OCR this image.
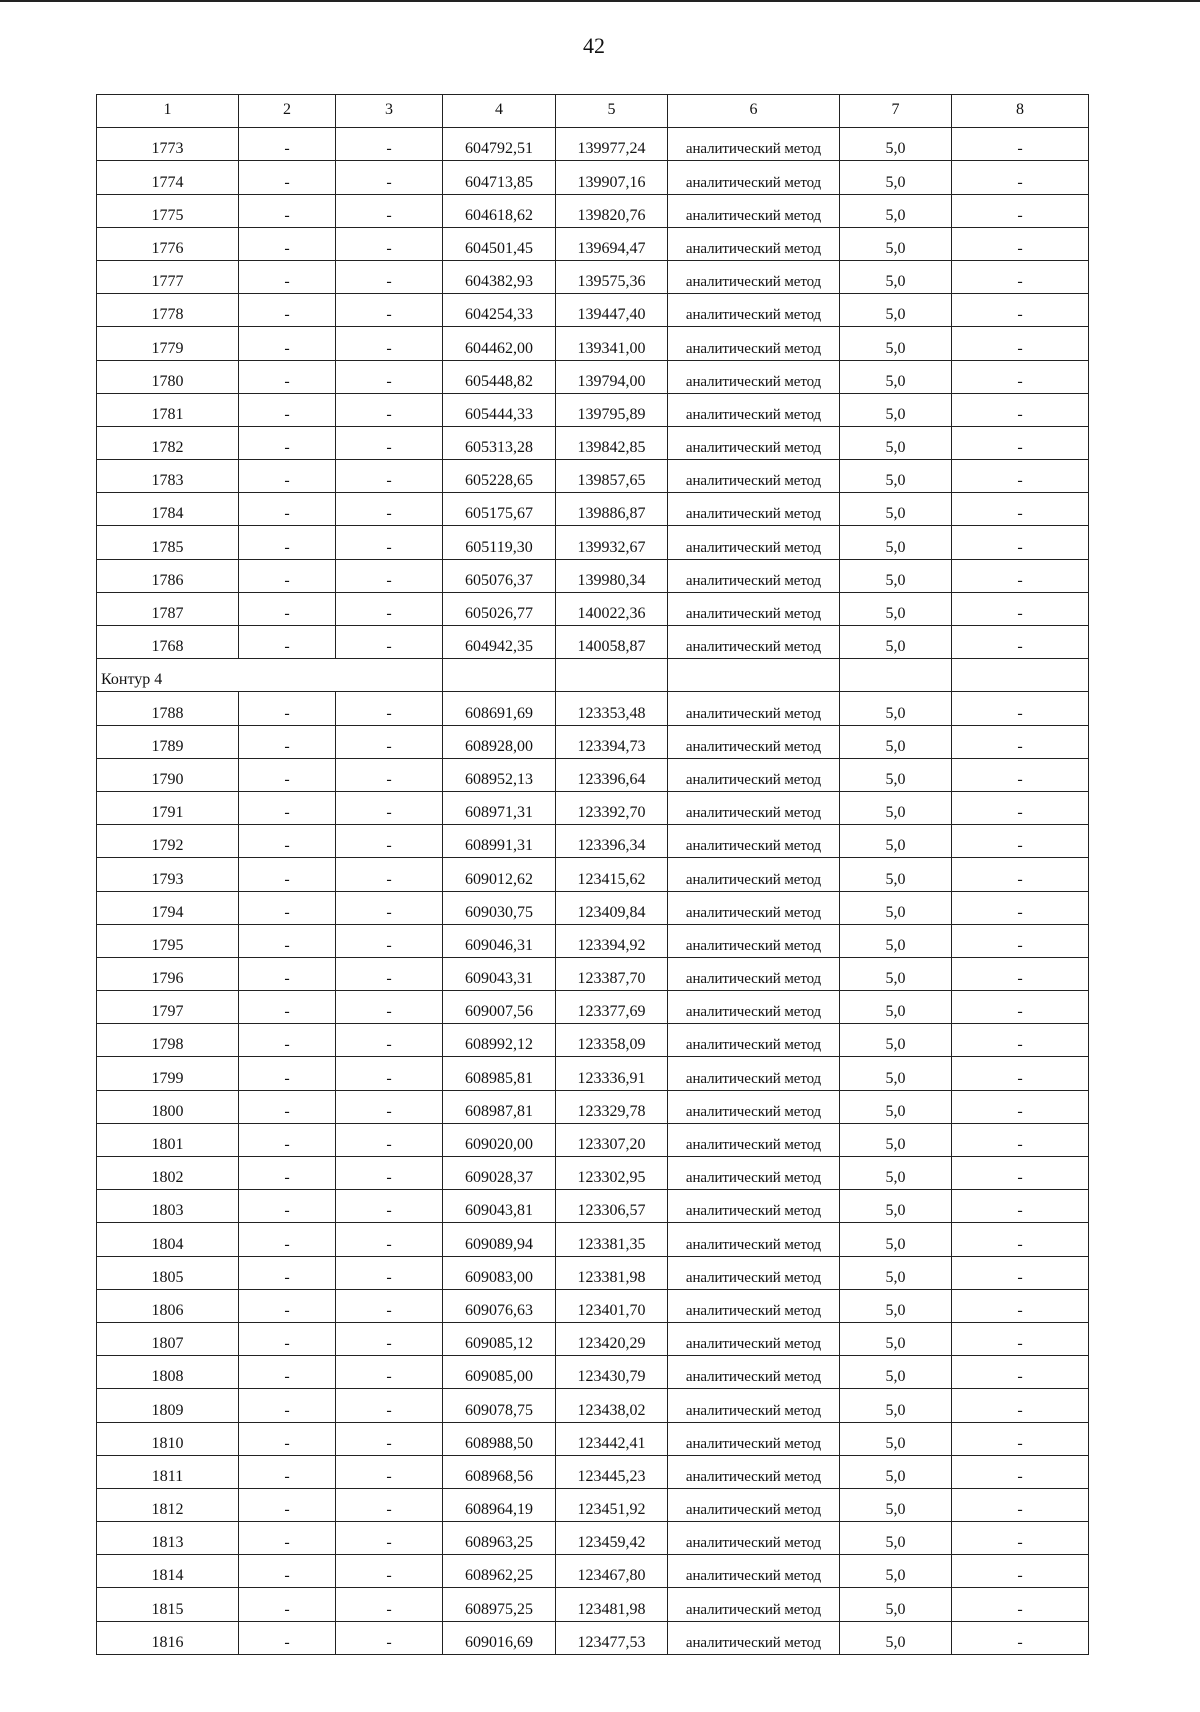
42
1	2	3	4	5	6	7	8
1773	-	-	604792,51	139977,24	аналитический метод	5,0	-
1774	-	-	604713,85	139907,16	аналитический метод	5,0	-
1775	-	-	604618,62	139820,76	аналитический метод	5,0	-
1776	-	-	604501,45	139694,47	аналитический метод	5,0	-
1777	-	-	604382,93	139575,36	аналитический метод	5,0	-
1778	-	-	604254,33	139447,40	аналитический метод	5,0	-
1779	-	-	604462,00	139341,00	аналитический метод	5,0	-
1780	-	-	605448,82	139794,00	аналитический метод	5,0	-
1781	-	-	605444,33	139795,89	аналитический метод	5,0	-
1782	-	-	605313,28	139842,85	аналитический метод	5,0	-
1783	-	-	605228,65	139857,65	аналитический метод	5,0	-
1784	-	-	605175,67	139886,87	аналитический метод	5,0	-
1785	-	-	605119,30	139932,67	аналитический метод	5,0	-
1786	-	-	605076,37	139980,34	аналитический метод	5,0	-
1787	-	-	605026,77	140022,36	аналитический метод	5,0	-
1768	-	-	604942,35	140058,87	аналитический метод	5,0	-
Контур 4							
1788	-	-	608691,69	123353,48	аналитический метод	5,0	-
1789	-	-	608928,00	123394,73	аналитический метод	5,0	-
1790	-	-	608952,13	123396,64	аналитический метод	5,0	-
1791	-	-	608971,31	123392,70	аналитический метод	5,0	-
1792	-	-	608991,31	123396,34	аналитический метод	5,0	-
1793	-	-	609012,62	123415,62	аналитический метод	5,0	-
1794	-	-	609030,75	123409,84	аналитический метод	5,0	-
1795	-	-	609046,31	123394,92	аналитический метод	5,0	-
1796	-	-	609043,31	123387,70	аналитический метод	5,0	-
1797	-	-	609007,56	123377,69	аналитический метод	5,0	-
1798	-	-	608992,12	123358,09	аналитический метод	5,0	-
1799	-	-	608985,81	123336,91	аналитический метод	5,0	-
1800	-	-	608987,81	123329,78	аналитический метод	5,0	-
1801	-	-	609020,00	123307,20	аналитический метод	5,0	-
1802	-	-	609028,37	123302,95	аналитический метод	5,0	-
1803	-	-	609043,81	123306,57	аналитический метод	5,0	-
1804	-	-	609089,94	123381,35	аналитический метод	5,0	-
1805	-	-	609083,00	123381,98	аналитический метод	5,0	-
1806	-	-	609076,63	123401,70	аналитический метод	5,0	-
1807	-	-	609085,12	123420,29	аналитический метод	5,0	-
1808	-	-	609085,00	123430,79	аналитический метод	5,0	-
1809	-	-	609078,75	123438,02	аналитический метод	5,0	-
1810	-	-	608988,50	123442,41	аналитический метод	5,0	-
1811	-	-	608968,56	123445,23	аналитический метод	5,0	-
1812	-	-	608964,19	123451,92	аналитический метод	5,0	-
1813	-	-	608963,25	123459,42	аналитический метод	5,0	-
1814	-	-	608962,25	123467,80	аналитический метод	5,0	-
1815	-	-	608975,25	123481,98	аналитический метод	5,0	-
1816	-	-	609016,69	123477,53	аналитический метод	5,0	-
